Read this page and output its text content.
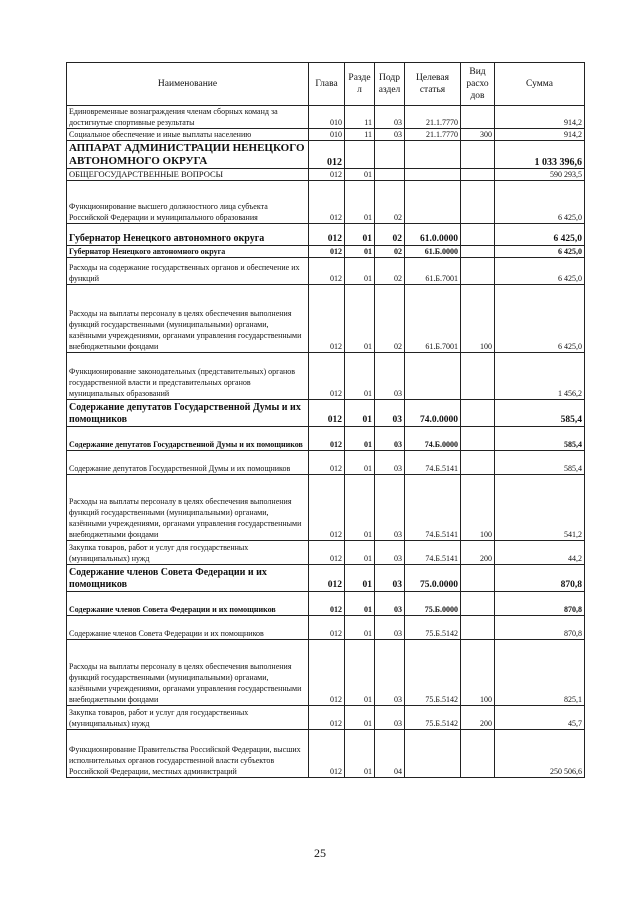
Наименование	Глава	Разде л	Подр аздел	Целевая статья	Вид расхо дов	Сумма
Единовременные вознаграждения членам сборных команд за достигнутые спортивные результаты	010	11	03	21.1.7770		914,2
Социальное обеспечение и иные выплаты населению	010	11	03	21.1.7770	300	914,2
АППАРАТ АДМИНИСТРАЦИИ НЕНЕЦКОГО АВТОНОМНОГО ОКРУГА	012					1 033 396,6
ОБЩЕГОСУДАРСТВЕННЫЕ ВОПРОСЫ	012	01				590 293,5
Функционирование высшего должностного лица субъекта Российской Федерации и муниципального образования	012	01	02			6 425,0
Губернатор Ненецкого автономного округа	012	01	02	61.0.0000		6 425,0
Губернатор Ненецкого автономного округа	012	01	02	61.Б.0000		6 425,0
Расходы на содержание государственных органов и обеспечение их функций	012	01	02	61.Б.7001		6 425,0
Расходы на выплаты персоналу в целях обеспечения выполнения функций государственными (муниципальными) органами, казёнными учреждениями, органами управления государственными внебюджетными фондами	012	01	02	61.Б.7001	100	6 425,0
Функционирование законодательных (представительных) органов государственной власти и представительных органов муниципальных образований	012	01	03			1 456,2
Содержание депутатов Государственной Думы и их помощников	012	01	03	74.0.0000		585,4
Содержание депутатов Государственной Думы и их помощников	012	01	03	74.Б.0000		585,4
Содержание депутатов Государственной Думы и их помощников	012	01	03	74.Б.5141		585,4
Расходы на выплаты персоналу в целях обеспечения выполнения функций государственными (муниципальными) органами, казёнными учреждениями, органами управления государственными внебюджетными фондами	012	01	03	74.Б.5141	100	541,2
Закупка товаров, работ и услуг для государственных (муниципальных) нужд	012	01	03	74.Б.5141	200	44,2
Содержание членов Совета Федерации и их помощников	012	01	03	75.0.0000		870,8
Содержание членов Совета Федерации и их помощников	012	01	03	75.Б.0000		870,8
Содержание членов Совета Федерации и их помощников	012	01	03	75.Б.5142		870,8
Расходы на выплаты персоналу в целях обеспечения выполнения функций государственными (муниципальными) органами, казёнными учреждениями, органами управления государственными внебюджетными фондами	012	01	03	75.Б.5142	100	825,1
Закупка товаров, работ и услуг для государственных (муниципальных) нужд	012	01	03	75.Б.5142	200	45,7
Функционирование Правительства Российской Федерации, высших исполнительных органов государственной власти субъектов Российской Федерации, местных администраций	012	01	04			250 506,6
25
